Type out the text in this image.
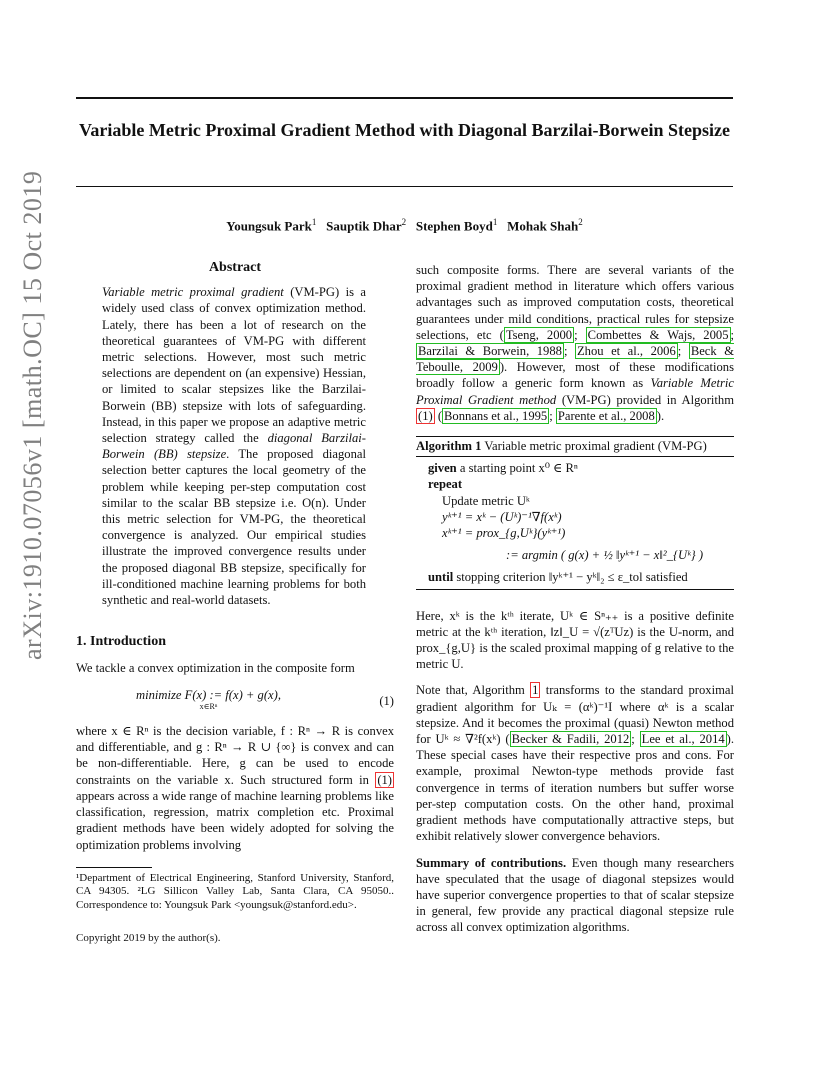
arXiv:1910.07056v1 [math.OC] 15 Oct 2019
Variable Metric Proximal Gradient Method with Diagonal Barzilai-Borwein Stepsize
Youngsuk Park$^1$ Sauptik Dhar$^2$ Stephen Boyd$^1$ Mohak Shah$^2$
Abstract
Variable metric proximal gradient (VM-PG) is a widely used class of convex optimization method. Lately, there has been a lot of research on the theoretical guarantees of VM-PG with different metric selections. However, most such metric selections are dependent on (an expensive) Hessian, or limited to scalar stepsizes like the Barzilai-Borwein (BB) stepsize with lots of safeguarding. Instead, in this paper we propose an adaptive metric selection strategy called the diagonal Barzilai-Borwein (BB) stepsize. The proposed diagonal selection better captures the local geometry of the problem while keeping per-step computation cost similar to the scalar BB stepsize i.e. O(n). Under this metric selection for VM-PG, the theoretical convergence is analyzed. Our empirical studies illustrate the improved convergence results under the proposed diagonal BB stepsize, specifically for ill-conditioned machine learning problems for both synthetic and real-world datasets.
1. Introduction
We tackle a convex optimization in the composite form
minimize F(x) := f(x) + g(x),
x∈Rⁿ	(1)
where x ∈ Rⁿ is the decision variable, f : Rⁿ → R is convex and differentiable, and g : Rⁿ → R ∪ {∞} is convex and can be non-differentiable. Here, g can be used to encode constraints on the variable x. Such structured form in (1) appears across a wide range of machine learning problems like classification, regression, matrix completion etc. Proximal gradient methods have been widely adopted for solving the optimization problems involving
¹Department of Electrical Engineering, Stanford University, Stanford, CA 94305. ²LG Sillicon Valley Lab, Santa Clara, CA 95050.. Correspondence to: Youngsuk Park <youngsuk@stanford.edu>.
Copyright 2019 by the author(s).
such composite forms. There are several variants of the proximal gradient method in literature which offers various advantages such as improved computation costs, theoretical guarantees under mild conditions, practical rules for stepsize selections, etc ( Tseng, 2000 ; Combettes & Wajs, 2005 ; Barzilai & Borwein, 1988 ; Zhou et al., 2006 ; Beck & Teboulle, 2009 ). However, most of these modifications broadly follow a generic form known as Variable Metric Proximal Gradient method (VM-PG) provided in Algorithm (1) ( Bonnans et al., 1995 ; Parente et al., 2008 ).
Algorithm 1 Variable metric proximal gradient (VM-PG)
given a starting point x⁰ ∈ Rⁿ
repeat
Update metric Uᵏ
yᵏ⁺¹ = xᵏ − (Uᵏ)⁻¹∇f(xᵏ)
xᵏ⁺¹ = prox_{g,Uᵏ}(yᵏ⁺¹)
:= argmin ( g(x) + ½ ‖yᵏ⁺¹ − x‖²_{Uᵏ} )
until stopping criterion ‖yᵏ⁺¹ − yᵏ‖₂ ≤ ε_tol satisfied
Here, xᵏ is the kᵗʰ iterate, Uᵏ ∈ Sⁿ₊₊ is a positive definite metric at the kᵗʰ iteration, ‖z‖_U = √(zᵀUz) is the U-norm, and prox_{g,U} is the scaled proximal mapping of g relative to the metric U.
Note that, Algorithm 1 transforms to the standard proximal gradient algorithm for Uₖ = (αᵏ)⁻¹I where αᵏ is a scalar stepsize. And it becomes the proximal (quasi) Newton method for Uᵏ ≈ ∇²f(xᵏ) ( Becker & Fadili, 2012 ; Lee et al., 2014 ). These special cases have their respective pros and cons. For example, proximal Newton-type methods provide fast convergence in terms of iteration numbers but suffer worse per-step computation costs. On the other hand, proximal gradient methods have computationally attractive steps, but exhibit relatively slower convergence behaviors.
Summary of contributions. Even though many researchers have speculated that the usage of diagonal stepsizes would have superior convergence properties to that of scalar stepsize in general, few provide any practical diagonal stepsize rule across all convex optimization algorithms.
